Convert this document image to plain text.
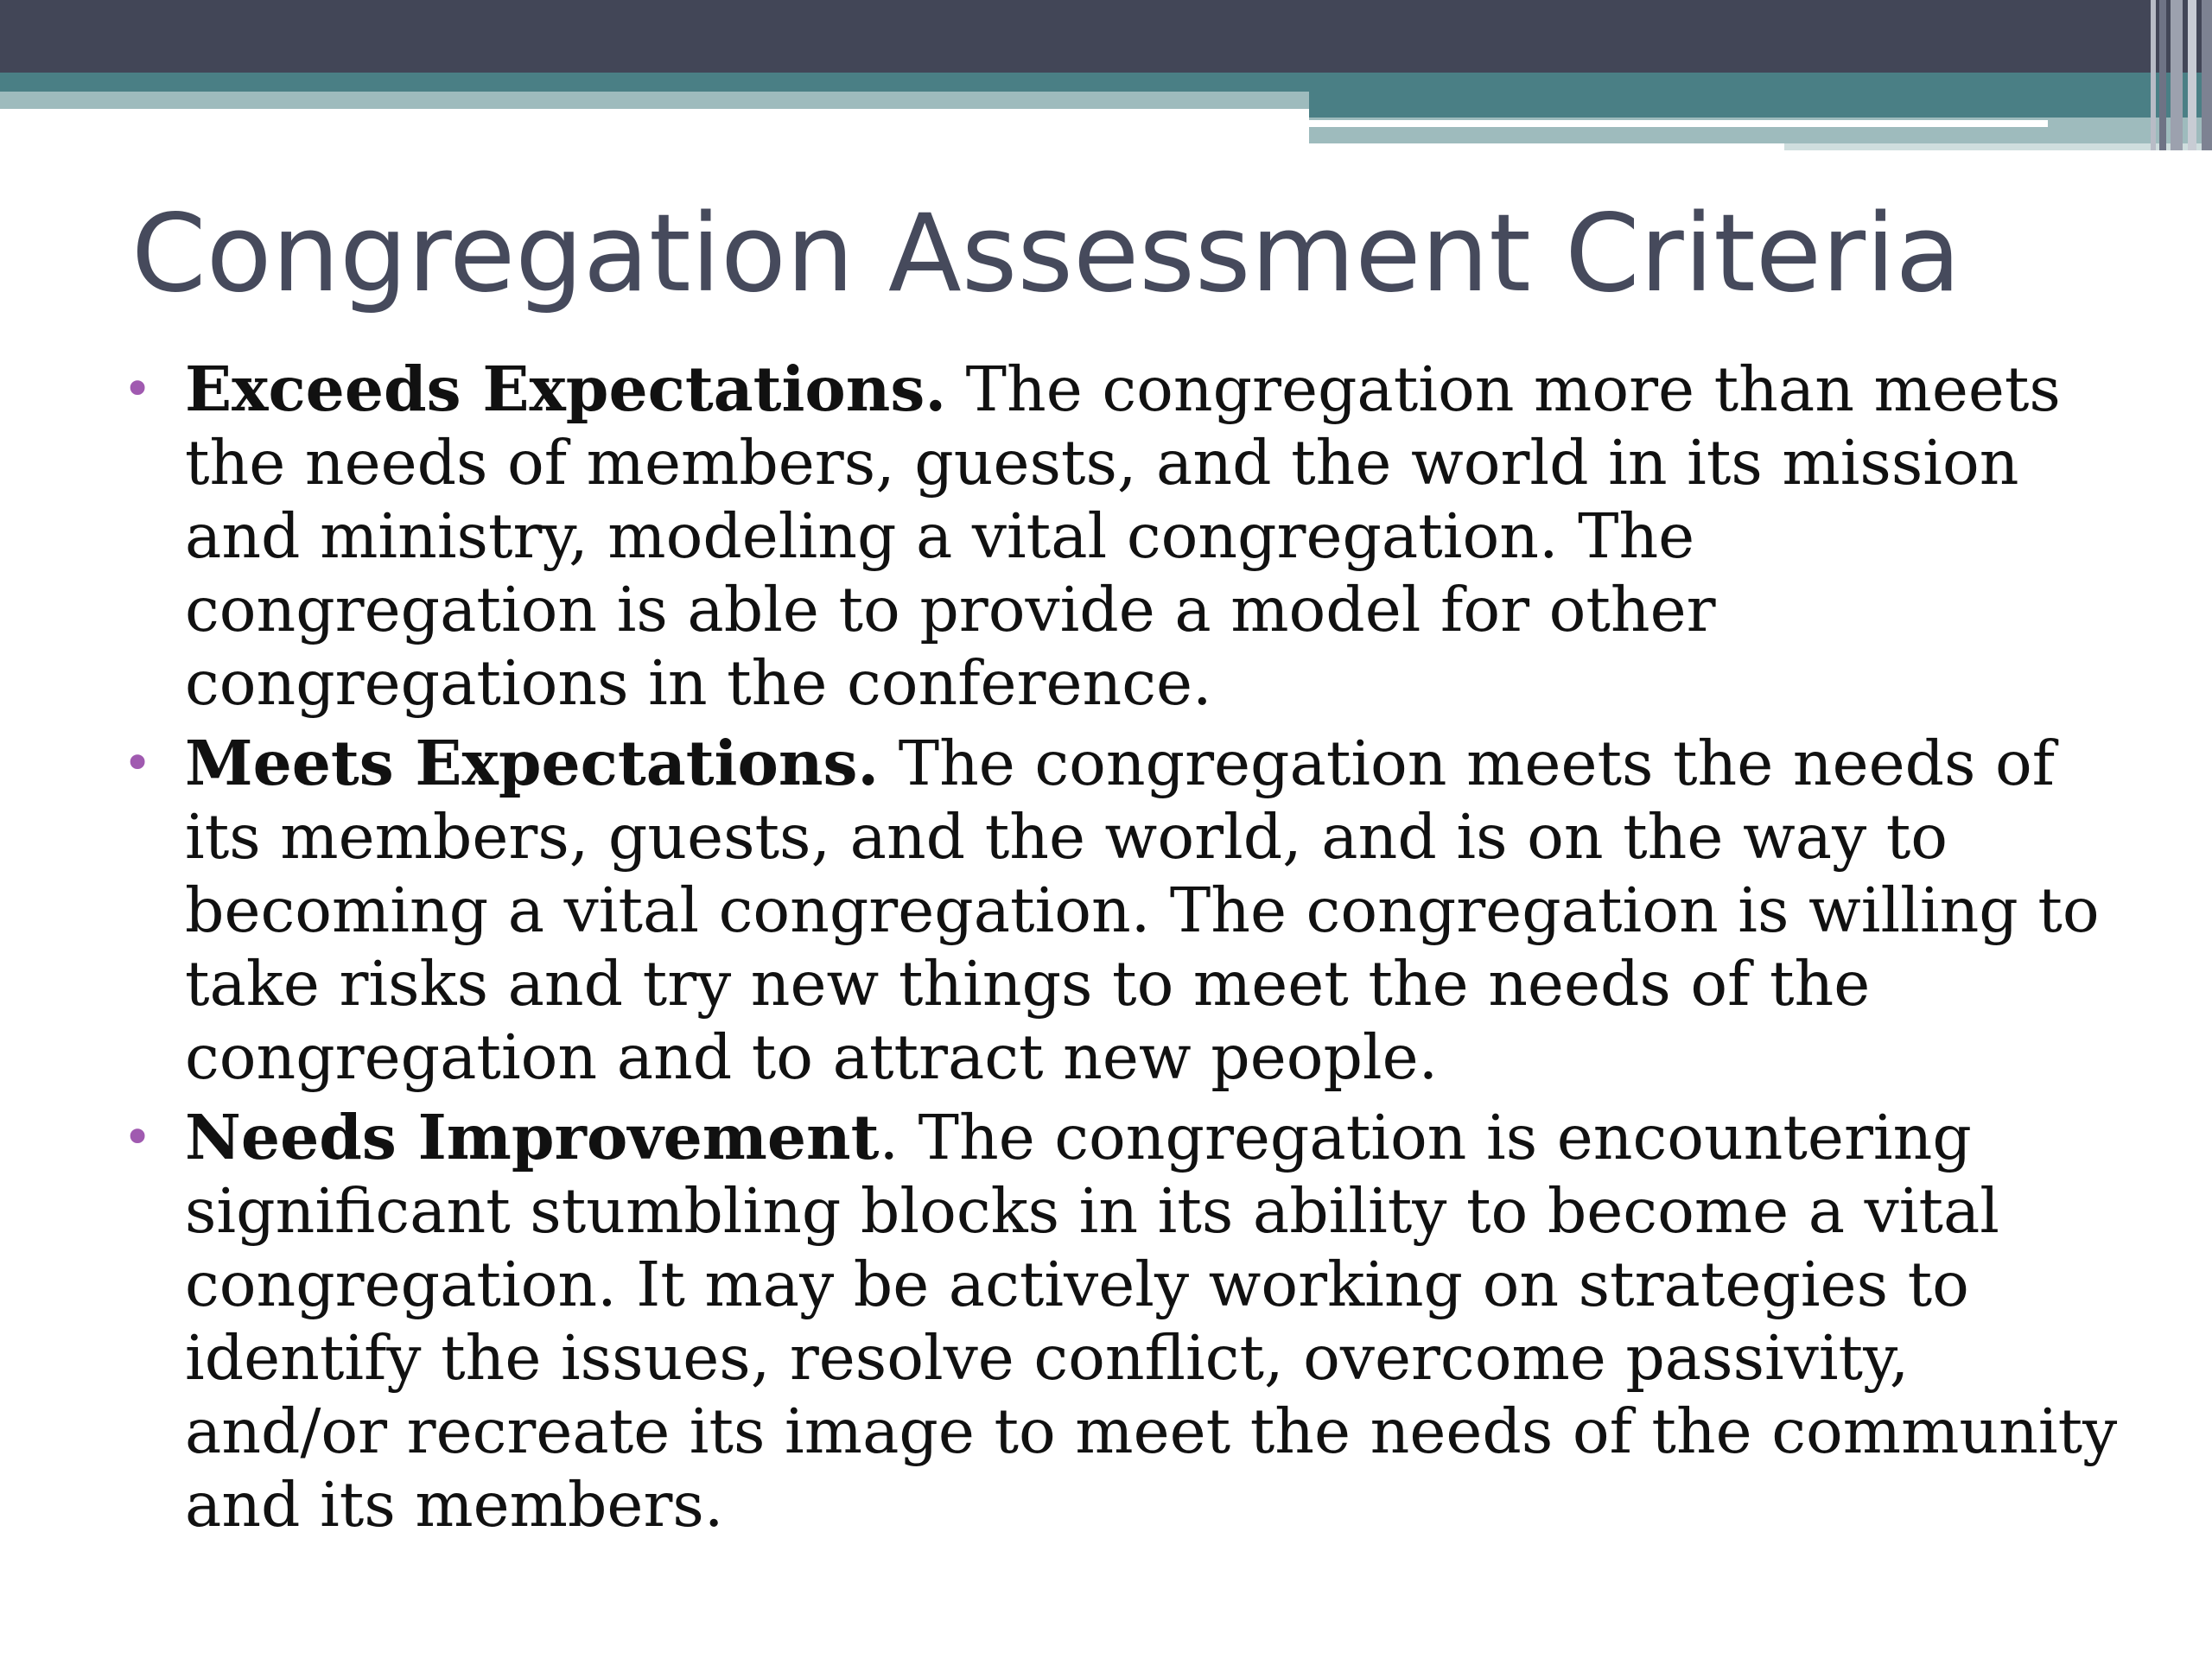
Congregation Assessment Criteria
• Exceeds Expectations. The congregation more than meets the needs of members, guests, and the world in its mission and ministry, modeling a vital congregation. The congregation is able to provide a model for other congregations in the conference.
• Meets Expectations. The congregation meets the needs of its members, guests, and the world, and is on the way to becoming a vital congregation. The congregation is willing to take risks and try new things to meet the needs of the congregation and to attract new people.
• Needs Improvement. The congregation is encountering significant stumbling blocks in its ability to become a vital congregation. It may be actively working on strategies to identify the issues, resolve conflict, overcome passivity, and/or recreate its image to meet the needs of the community and its members.
